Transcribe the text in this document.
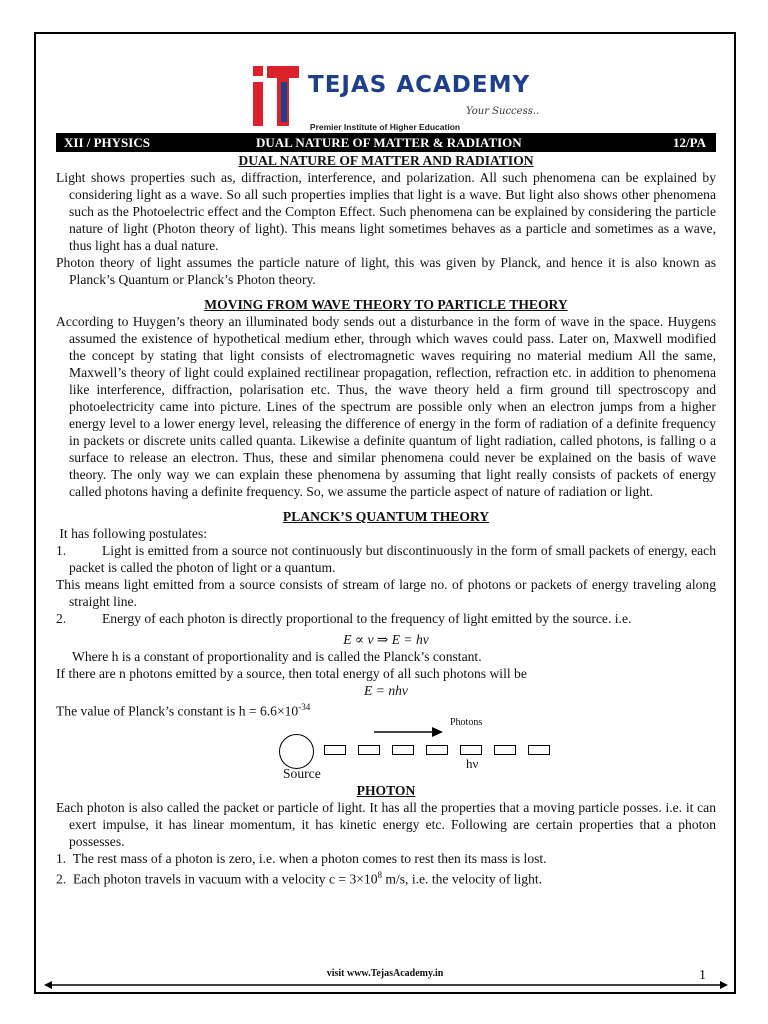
TEJAS ACADEMY
Your Success..
Premier Institute of Higher Education
XII / PHYSICS	DUAL NATURE OF MATTER & RADIATION	12/PA
DUAL NATURE OF MATTER AND RADIATION

Light shows properties such as, diffraction, interference, and polarization. All such phenomena can be explained by considering light as a wave. So all such properties implies that light is a wave. But light also shows other phenomena such as the Photoelectric effect and the Compton Effect. Such phenomena can be explained by considering the particle nature of light (Photon theory of light). This means light sometimes behaves as a particle and sometimes as a wave, thus light has a dual nature.

Photon theory of light assumes the particle nature of light, this was given by Planck, and hence it is also known as Planck’s Quantum or Planck’s Photon theory.

MOVING FROM WAVE THEORY TO PARTICLE THEORY

According to Huygen’s theory an illuminated body sends out a disturbance in the form of wave in the space. Huygens assumed the existence of hypothetical medium ether, through which waves could pass. Later on, Maxwell modified the concept by stating that light consists of electromagnetic waves requiring no material medium All the same, Maxwell’s theory of light could explained rectilinear propagation, reflection, refraction etc. in addition to phenomena like interference, diffraction, polarisation etc. Thus, the wave theory held a firm ground till spectroscopy and photoelectricity came into picture. Lines of the spectrum are possible only when an electron jumps from a higher energy level to a lower energy level, releasing the difference of energy in the form of radiation of a definite frequency in packets or discrete units called quanta. Likewise a definite quantum of light radiation, called photons, is falling o a surface to release an electron. Thus, these and similar phenomena could never be explained on the basis of wave theory. The only way we can explain these phenomena by assuming that light really consists of packets of energy called photons having a definite frequency. So, we assume the particle aspect of nature of radiation or light.

PLANCK’S QUANTUM THEORY

It has following postulates:

1.	Light is emitted from a source not continuously but discontinuously in the form of small packets of energy, each packet is called the photon of light or a quantum.

This means light emitted from a source consists of stream of large no. of photons or packets of energy traveling along straight line.

2.	Energy of each photon is directly proportional to the frequency of light emitted by the source. i.e.

E ∝ ν ⇒ E = hν

Where h is a constant of proportionality and is called the Planck’s constant.

If there are n photons emitted by a source, then total energy of all such photons will be

E = nhν

The value of Planck’s constant is $h = 6.6\times 10^{-34}$

Photons
Source
hν
PHOTON

Each photon is also called the packet or particle of light. It has all the properties that a moving particle posses. i.e. it can exert impulse, it has linear momentum, it has kinetic energy etc. Following are certain properties that a photon possesses.

1. The rest mass of a photon is zero, i.e. when a photon comes to rest then its mass is lost.

2. Each photon travels in vacuum with a velocity $c = 3\times 10^8$ m/s, i.e. the velocity of light.

visit www.TejasAcademy.in	1
